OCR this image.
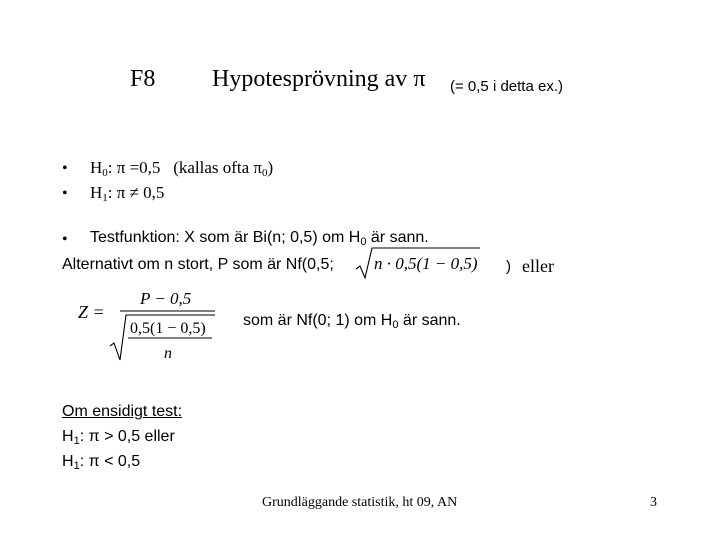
F8 Hypotesprövning av π (= 0,5 i detta ex.)
• H0: π =0,5 (kallas ofta π0)
• H1: π ≠ 0,5
• Testfunktion: X som är Bi(n; 0,5) om H0 är sann.
Alternativt om n stort, P som är Nf(0,5; n · 0,5(1 − 0,5) ) eller
Z =
P − 0,5
0,5(1 − 0,5)
n
som är Nf(0; 1) om H0 är sann.
Om ensidigt test:
H1: π > 0,5 eller
H1: π < 0,5
Grundläggande statistik, ht 09, AN	3
